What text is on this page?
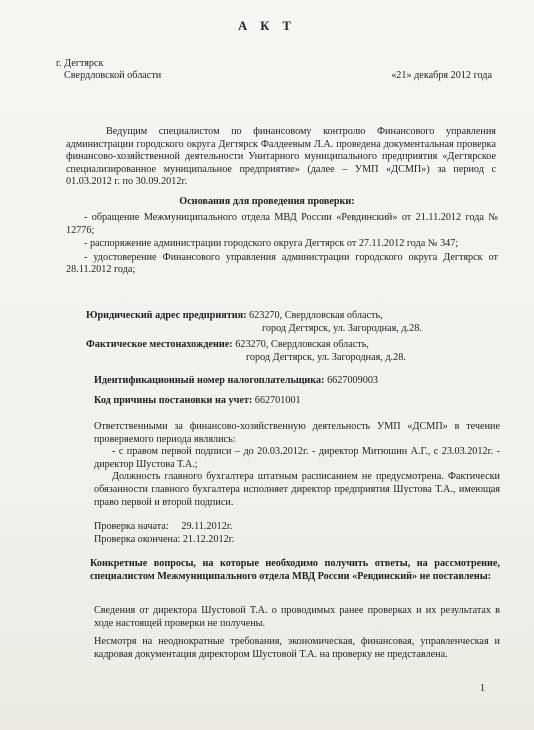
А К Т
г. Дегтярск
Свердловской области	«21» декабря 2012 года
Ведущим специалистом по финансовому контролю Финансового управления администрации городского округа Дегтярск Фалдеевым Л.А. проведена документальная проверка финансово-хозяйственной деятельности Унитарного муниципального предприятия «Дегтярское специализированное муниципальное предприятие» (далее – УМП «ДСМП») за период с 01.03.2012 г. по 30.09.2012г.
Основания для проведения проверки:

- обращение Межмуниципального отдела МВД России «Ревдинский» от 21.11.2012 года № 12776;

- распоряжение администрации городского округа Дегтярск от 27.11.2012 года № 347;

- удостоверение Финансового управления администрации городского округа Дегтярск от 28.11.2012 года;

Юридический адрес предприятия: 623270, Свердловская область,
город Дегтярск, ул. Загородная, д.28.
Фактическое местонахождение: 623270, Свердловская область,
город Дегтярск, ул. Загородная, д.28.
Идентификационный номер налогоплательщика: 6627009003
Код причины постановки на учет: 662701001

Ответственными за финансово-хозяйственную деятельность УМП «ДСМП» в течение проверяемого периода являлись:

- с правом первой подписи – до 20.03.2012г. - директор Митюшин А.Г., с 23.03.2012г. - директор Шустова Т.А.;

Должность главного бухгалтера штатным расписанием не предусмотрена. Фактически обязанности главного бухгалтера исполняет директор предприятия Шустова Т.А., имеющая право первой и второй подписи.

Проверка начата:     29.11.2012г.
Проверка окончена: 21.12.2012г.
Конкретные вопросы, на которые необходимо получить ответы, на рассмотрение, специалистом Межмуниципального отдела МВД России «Ревдинский» не поставлены:
Сведения от директора Шустовой Т.А. о проводимых ранее проверках и их результатах в ходе настоящей проверки не получены.
Несмотря на неоднократные требования, экономическая, финансовая, управленческая и кадровая документация директором Шустовой Т.А. на проверку не представлена.
1
